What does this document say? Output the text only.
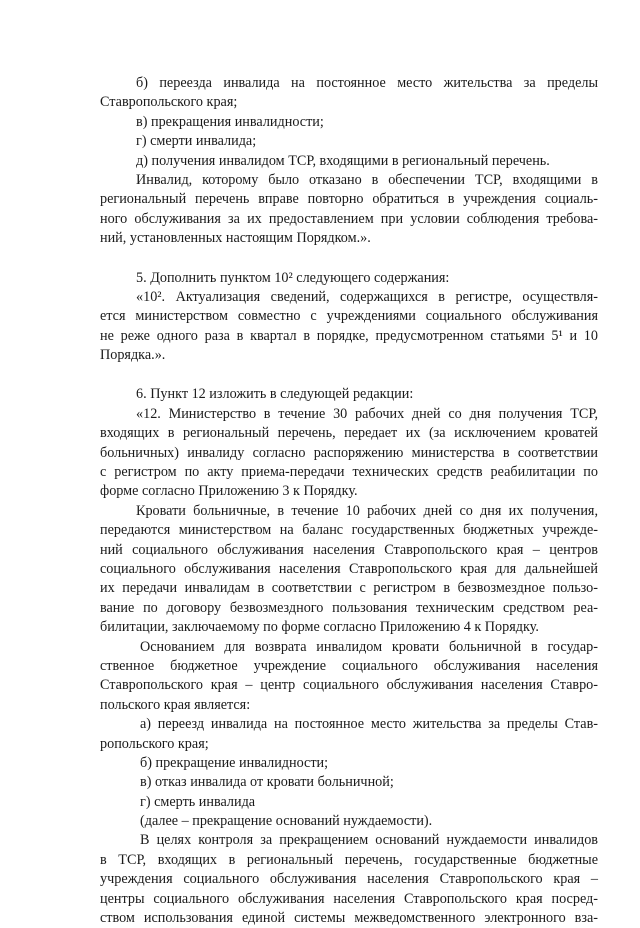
б) переезда инвалида на постоянное место жительства за пределы
Ставропольского края;
в) прекращения инвалидности;
г) смерти инвалида;
д) получения инвалидом ТСР, входящими в региональный перечень.
Инвалид, которому было отказано в обеспечении ТСР, входящими в
региональный перечень вправе повторно обратиться в учреждения социаль-
ного обслуживания за их предоставлением при условии соблюдения требова-
ний, установленных настоящим Порядком.».
5. Дополнить пунктом 10² следующего содержания:
«10². Актуализация сведений, содержащихся в регистре, осуществля-
ется министерством совместно с учреждениями социального обслуживания
не реже одного раза в квартал в порядке, предусмотренном статьями 5¹ и 10
Порядка.».
6. Пункт 12 изложить в следующей редакции:
«12. Министерство в течение 30 рабочих дней со дня получения ТСР,
входящих в региональный перечень, передает их (за исключением кроватей
больничных) инвалиду согласно распоряжению министерства в соответствии
с регистром по акту приема-передачи технических средств реабилитации по
форме согласно Приложению 3 к Порядку.
Кровати больничные, в течение 10 рабочих дней со дня их получения,
передаются министерством на баланс государственных бюджетных учрежде-
ний социального обслуживания населения Ставропольского края – центров
социального обслуживания населения Ставропольского края для дальнейшей
их передачи инвалидам в соответствии с регистром в безвозмездное пользо-
вание по договору безвозмездного пользования техническим средством реа-
билитации, заключаемому по форме согласно Приложению 4 к Порядку.
Основанием для возврата инвалидом кровати больничной в государ-
ственное бюджетное учреждение социального обслуживания населения
Ставропольского края – центр социального обслуживания населения Ставро-
польского края является:
а) переезд инвалида на постоянное место жительства за пределы Став-
ропольского края;
б) прекращение инвалидности;
в) отказ инвалида от кровати больничной;
г) смерть инвалида
(далее – прекращение оснований нуждаемости).
В целях контроля за прекращением оснований нуждаемости инвалидов
в ТСР, входящих в региональный перечень, государственные бюджетные
учреждения социального обслуживания населения Ставропольского края –
центры социального обслуживания населения Ставропольского края посред-
ством использования единой системы межведомственного электронного вза-
